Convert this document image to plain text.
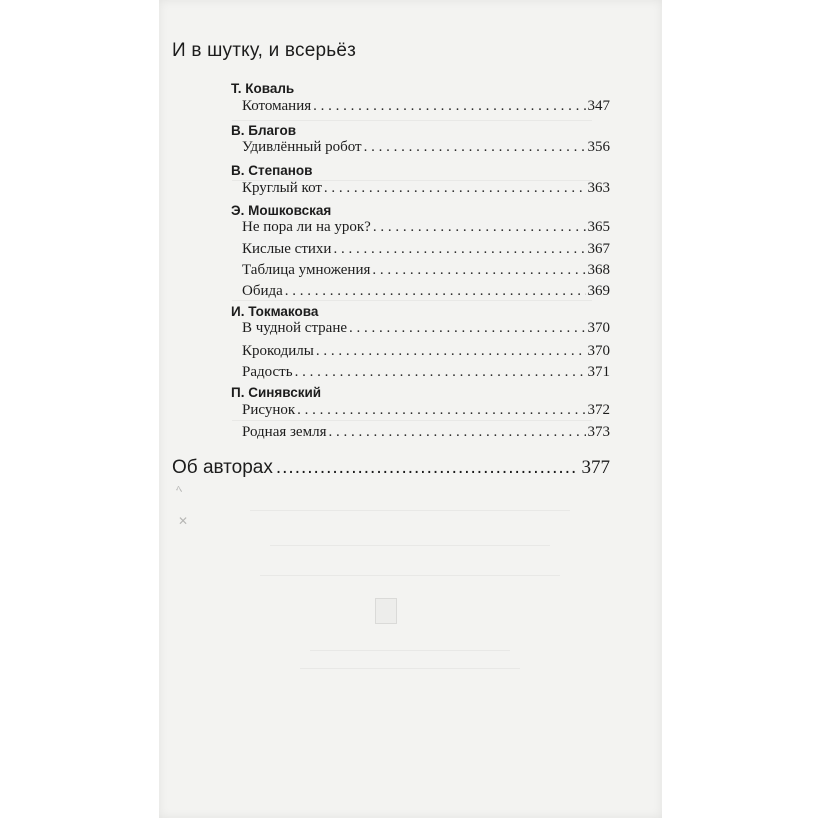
ﾍ
✕
И в шутку, и всерьёз
Т. Коваль
Котомания . . .	347
В. Благов
Удивлённый робот . . .	356
В. Степанов
Круглый кот . . .	363
Э. Мошковская
Не пора ли на урок? . . .	365
Кислые стихи . . .	367
Таблица умножения . . .	368
Обида . . .	369
И. Токмакова
В чудной стране . . .	370
Крокодилы . . .	370
Радость . . .	371
П. Синявский
Рисунок . . .	372
Родная земля . . .	373
Об авторах .....	377
